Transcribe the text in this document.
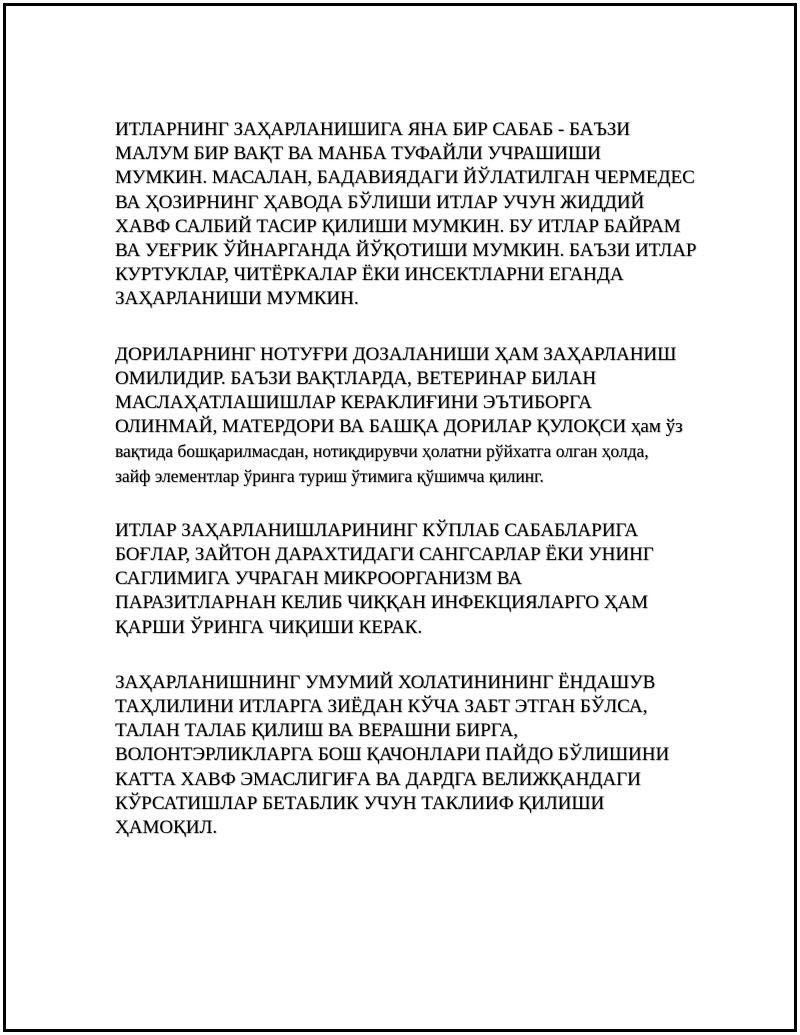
ИТЛАРНИНГ ЗАҲАРЛАНИШИГА ЯНА БИР САБАБ - БАЪЗИ
МАЛУМ БИР ВАҚТ ВА МАНБА ТУФАЙЛИ УЧРАШИШИ
МУМКИН. МАСАЛАН, БАДАВИЯДАГИ ЙЎЛАТИЛГАН ЧЕРМЕДЕС
ВА ҲОЗИРНИНГ ҲАВОДА БЎЛИШИ ИТЛАР УЧУН ЖИДДИЙ
ХАВФ САЛБИЙ ТАСИР ҚИЛИШИ МУМКИН. БУ ИТЛАР БАЙРАМ
ВА УЕҒРИК ЎЙНАРГАНДА ЙЎҚОТИШИ МУМКИН. БАЪЗИ ИТЛАР
КУРТУКЛАР, ЧИТЁРКАЛАР ЁКИ ИНСЕКТЛАРНИ ЕГАНДА
ЗАҲАРЛАНИШИ МУМКИН.

ДОРИЛАРНИНГ НОТУҒРИ ДОЗАЛАНИШИ ҲАМ ЗАҲАРЛАНИШ
ОМИЛИДИР. БАЪЗИ ВАҚТЛАРДА, ВЕТЕРИНАР БИЛАН
МАСЛАҲАТЛАШИШЛАР КЕРАКЛИҒИНИ ЭЪТИБОРГА
ОЛИНМАЙ, МАТЕРДОРИ ВА БАШҚА ДОРИЛАР ҚУЛОҚСИ ҳам ўз
вақтида бошқарилмасдан, нотиқдирувчи ҳолатни рўйхатга олган ҳолда,
зайф элементлар ўринга туриш ўтимига қўшимча қилинг.

ИТЛАР ЗАҲАРЛАНИШЛАРИНИНГ КЎПЛАБ САБАБЛАРИГА
БОҒЛАР, ЗАЙТОН ДАРАХТИДАГИ САНГСАРЛАР ЁКИ УНИНГ
САГЛИМИГА УЧРАГАН МИКРООРГАНИЗМ ВА
ПАРАЗИТЛАРНАН КЕЛИБ ЧИҚҚАН ИНФЕКЦИЯЛАРГО ҲАМ
ҚАРШИ ЎРИНГА ЧИҚИШИ КЕРАК.

ЗАҲАРЛАНИШНИНГ УМУМИЙ ХОЛАТИНИНИНГ ЁНДАШУВ
ТАҲЛИЛИНИ ИТЛАРГА ЗИЁДАН КЎЧА ЗАБТ ЭТГАН БЎЛСА,
ТАЛАН ТАЛАБ ҚИЛИШ ВА ВЕРАШНИ БИРГА,
ВОЛОНТЭРЛИКЛАРГА БОШ ҚАЧОНЛАРИ ПАЙДО БЎЛИШИНИ
КАТТА ХАВФ ЭМАСЛИГИҒА ВА ДАРДГА ВЕЛИЖҚАНДАГИ
КЎРСАТИШЛАР БЕТАБЛИК УЧУН ТАКЛИИФ ҚИЛИШИ
ҲАМОҚИЛ.
